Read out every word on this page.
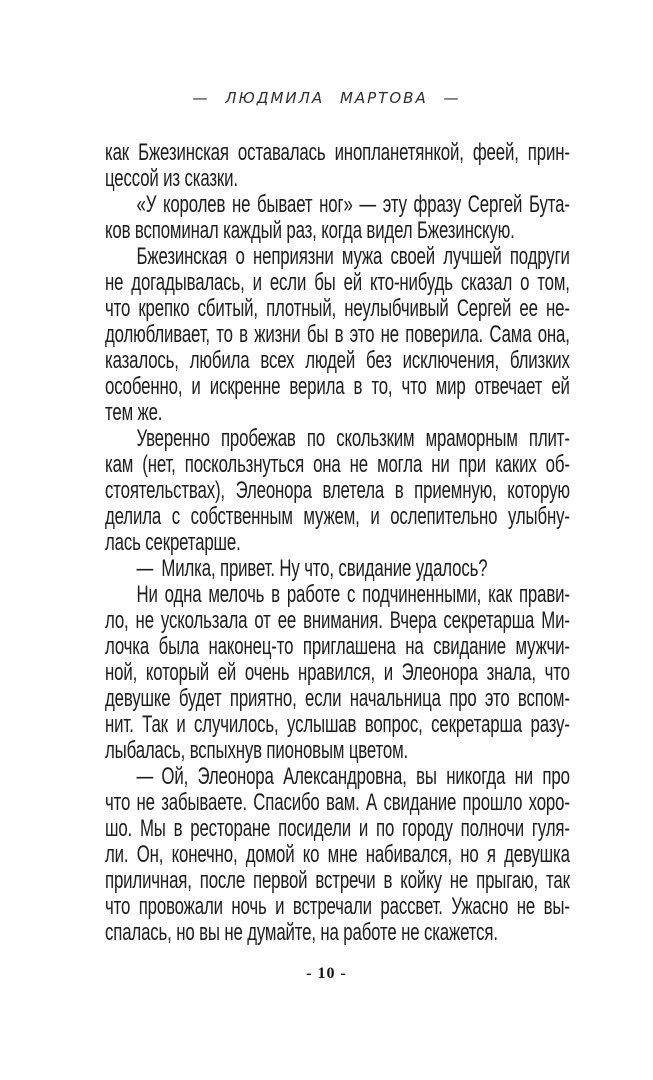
— ЛЮДМИЛА МАРТОВА —
как Бжезинская оставалась инопланетянкой, феей, прин-
цессой из сказки.
«У королев не бывает ног» — эту фразу Сергей Бута-
ков вспоминал каждый раз, когда видел Бжезинскую.
Бжезинская о неприязни мужа своей лучшей подруги
не догадывалась, и если бы ей кто-нибудь сказал о том,
что крепко сбитый, плотный, неулыбчивый Сергей ее не-
долюбливает, то в жизни бы в это не поверила. Сама она,
казалось, любила всех людей без исключения, близких
особенно, и искренне верила в то, что мир отвечает ей
тем же.
Уверенно пробежав по скользким мраморным плит-
кам (нет, поскользнуться она не могла ни при каких об-
стоятельствах), Элеонора влетела в приемную, которую
делила с собственным мужем, и ослепительно улыбну-
лась секретарше.
— Милка, привет. Ну что, свидание удалось?
Ни одна мелочь в работе с подчиненными, как прави-
ло, не ускользала от ее внимания. Вчера секретарша Ми-
лочка была наконец-то приглашена на свидание мужчи-
ной, который ей очень нравился, и Элеонора знала, что
девушке будет приятно, если начальница про это вспом-
нит. Так и случилось, услышав вопрос, секретарша разу-
лыбалась, вспыхнув пионовым цветом.
— Ой, Элеонора Александровна, вы никогда ни про
что не забываете. Спасибо вам. А свидание прошло хоро-
шо. Мы в ресторане посидели и по городу полночи гуля-
ли. Он, конечно, домой ко мне набивался, но я девушка
приличная, после первой встречи в койку не прыгаю, так
что провожали ночь и встречали рассвет. Ужасно не вы-
спалась, но вы не думайте, на работе не скажется.
- 10 -
